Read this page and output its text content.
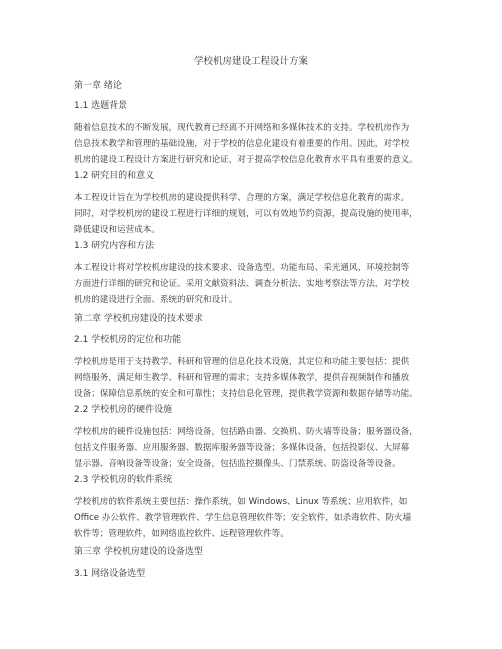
学校机房建设工程设计方案
第一章 绪论
1.1 选题背景
随着信息技术的不断发展，现代教育已经离不开网络和多媒体技术的支持。学校机房作为
信息技术教学和管理的基础设施，对于学校的信息化建设有着重要的作用。因此，对学校
机房的建设工程设计方案进行研究和论证，对于提高学校信息化教育水平具有重要的意义。
1.2 研究目的和意义
本工程设计旨在为学校机房的建设提供科学、合理的方案，满足学校信息化教育的需求。
同时，对学校机房的建设工程进行详细的规划，可以有效地节约资源，提高设施的使用率，
降低建设和运营成本。
1.3 研究内容和方法
本工程设计将对学校机房建设的技术要求、设备选型、功能布局、采光通风、环境控制等
方面进行详细的研究和论证。采用文献资料法、调查分析法、实地考察法等方法，对学校
机房的建设进行全面、系统的研究和设计。
第二章 学校机房建设的技术要求
2.1 学校机房的定位和功能
学校机房是用于支持教学、科研和管理的信息化技术设施，其定位和功能主要包括：提供
网络服务，满足师生教学、科研和管理的需求；支持多媒体教学，提供音视频制作和播放
设备；保障信息系统的安全和可靠性；支持信息化管理，提供教学资源和数据存储等功能。
2.2 学校机房的硬件设施
学校机房的硬件设施包括：网络设备，包括路由器、交换机、防火墙等设备；服务器设备，
包括文件服务器、应用服务器、数据库服务器等设备；多媒体设备，包括投影仪、大屏幕
显示器、音响设备等设备；安全设备，包括监控摄像头、门禁系统、防盗设备等设备。
2.3 学校机房的软件系统
学校机房的软件系统主要包括：操作系统，如 Windows、Linux 等系统；应用软件，如
Office 办公软件、教学管理软件、学生信息管理软件等；安全软件，如杀毒软件、防火墙
软件等；管理软件，如网络监控软件、远程管理软件等。
第三章 学校机房建设的设备选型
3.1 网络设备选型
